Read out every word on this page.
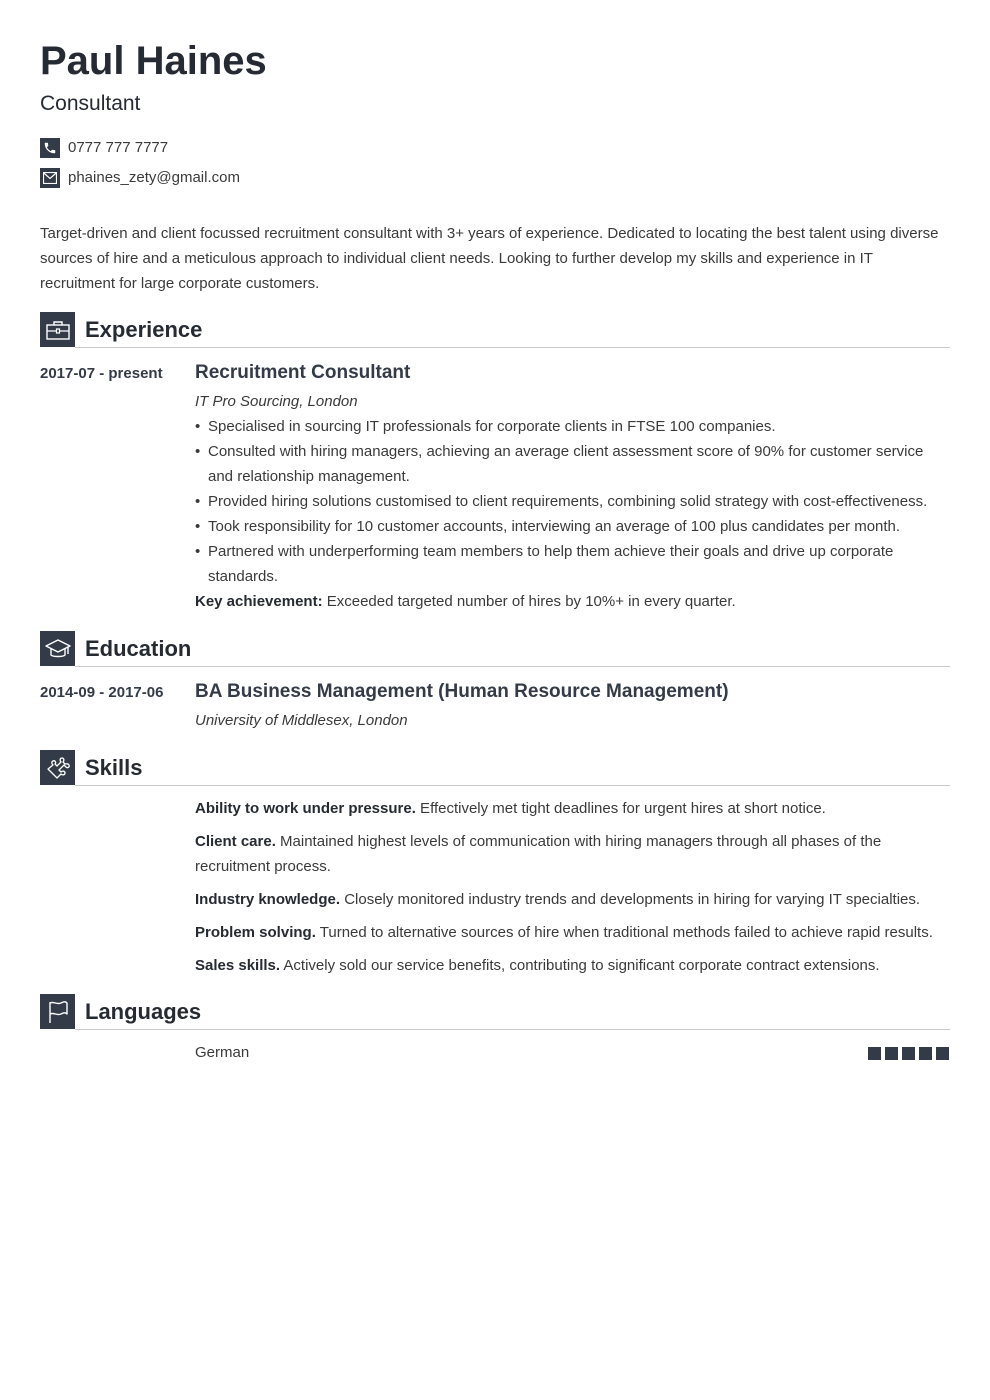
Paul Haines
Consultant
0777 777 7777
phaines_zety@gmail.com
Target-driven and client focussed recruitment consultant with 3+ years of experience. Dedicated to locating the best talent using diverse sources of hire and a meticulous approach to individual client needs. Looking to further develop my skills and experience in IT recruitment for large corporate customers.
Experience
2017-07 - present Recruitment Consultant
IT Pro Sourcing, London
• Specialised in sourcing IT professionals for corporate clients in FTSE 100 companies.
• Consulted with hiring managers, achieving an average client assessment score of 90% for customer service and relationship management.
• Provided hiring solutions customised to client requirements, combining solid strategy with cost-effectiveness.
• Took responsibility for 10 customer accounts, interviewing an average of 100 plus candidates per month.
• Partnered with underperforming team members to help them achieve their goals and drive up corporate standards.
Key achievement: Exceeded targeted number of hires by 10%+ in every quarter.
Education
2014-09 - 2017-06 BA Business Management (Human Resource Management)
University of Middlesex, London
Skills
Ability to work under pressure. Effectively met tight deadlines for urgent hires at short notice.
Client care. Maintained highest levels of communication with hiring managers through all phases of the recruitment process.
Industry knowledge. Closely monitored industry trends and developments in hiring for varying IT specialties.
Problem solving. Turned to alternative sources of hire when traditional methods failed to achieve rapid results.
Sales skills. Actively sold our service benefits, contributing to significant corporate contract extensions.
Languages
German
